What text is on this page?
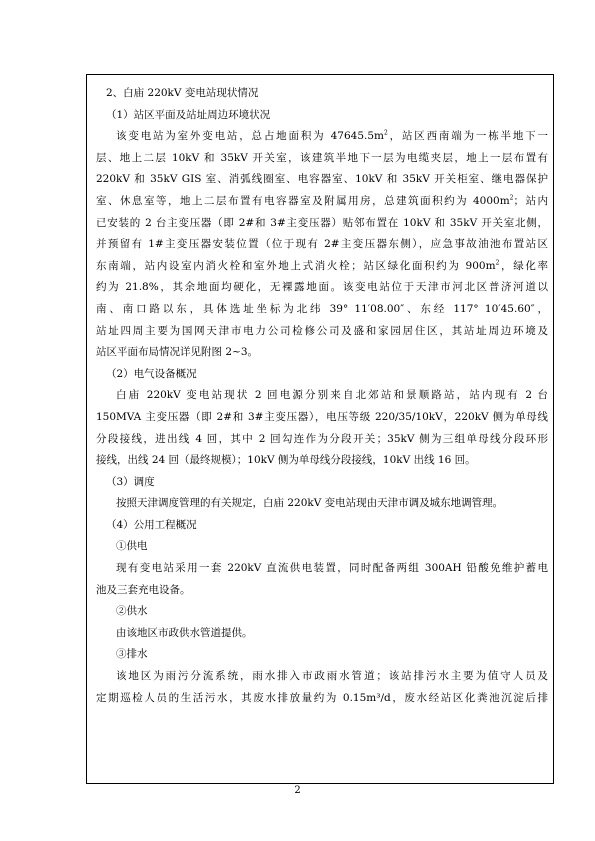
2、白庙 220kV 变电站现状情况
（1）站区平面及站址周边环境状况
该变电站为室外变电站，总占地面积为 $47645.5m^2$，站区西南端为一栋半地下一
层、地上二层 10kV 和 35kV 开关室，该建筑半地下一层为电缆夹层，地上一层布置有
220kV 和 35kV GIS 室、消弧线圈室、电容器室、10kV 和 35kV 开关柜室、继电器保护
室、休息室等，地上二层布置有电容器室及附属用房，总建筑面积约为 $4000m^2$；站内
已安装的 2 台主变压器（即 2#和 3#主变压器）贴邻布置在 10kV 和 35kV 开关室北侧，
并预留有 1#主变压器安装位置（位于现有 2#主变压器东侧），应急事故油池布置站区
东南端，站内设室内消火栓和室外地上式消火栓；站区绿化面积约为 $900m^2$，绿化率
约为 21.8%，其余地面均硬化，无裸露地面。该变电站位于天津市河北区普济河道以
南、南口路以东，具体选址坐标为北纬 39° 11′08.00″、东经 117° 10′45.60″，
站址四周主要为国网天津市电力公司检修公司及盛和家园居住区，其站址周边环境及
站区平面布局情况详见附图 2~3。
（2）电气设备概况
白庙 220kV 变电站现状 2 回电源分别来自北郊站和景顺路站，站内现有 2 台
150MVA 主变压器（即 2#和 3#主变压器），电压等级 220/35/10kV，220kV 侧为单母线
分段接线，进出线 4 回，其中 2 回勾连作为分段开关；35kV 侧为三组单母线分段环形
接线，出线 24 回（最终规模）；10kV 侧为单母线分段接线，10kV 出线 16 回。
（3）调度
按照天津调度管理的有关规定，白庙 220kV 变电站现由天津市调及城东地调管理。
（4）公用工程概况
①供电
现有变电站采用一套 220kV 直流供电装置，同时配备两组 300AH 铅酸免维护蓄电
池及三套充电设备。
②供水
由该地区市政供水管道提供。
③排水
该地区为雨污分流系统，雨水排入市政雨水管道；该站排污水主要为值守人员及
定期巡检人员的生活污水，其废水排放量约为 0.15m³/d，废水经站区化粪池沉淀后排
2
